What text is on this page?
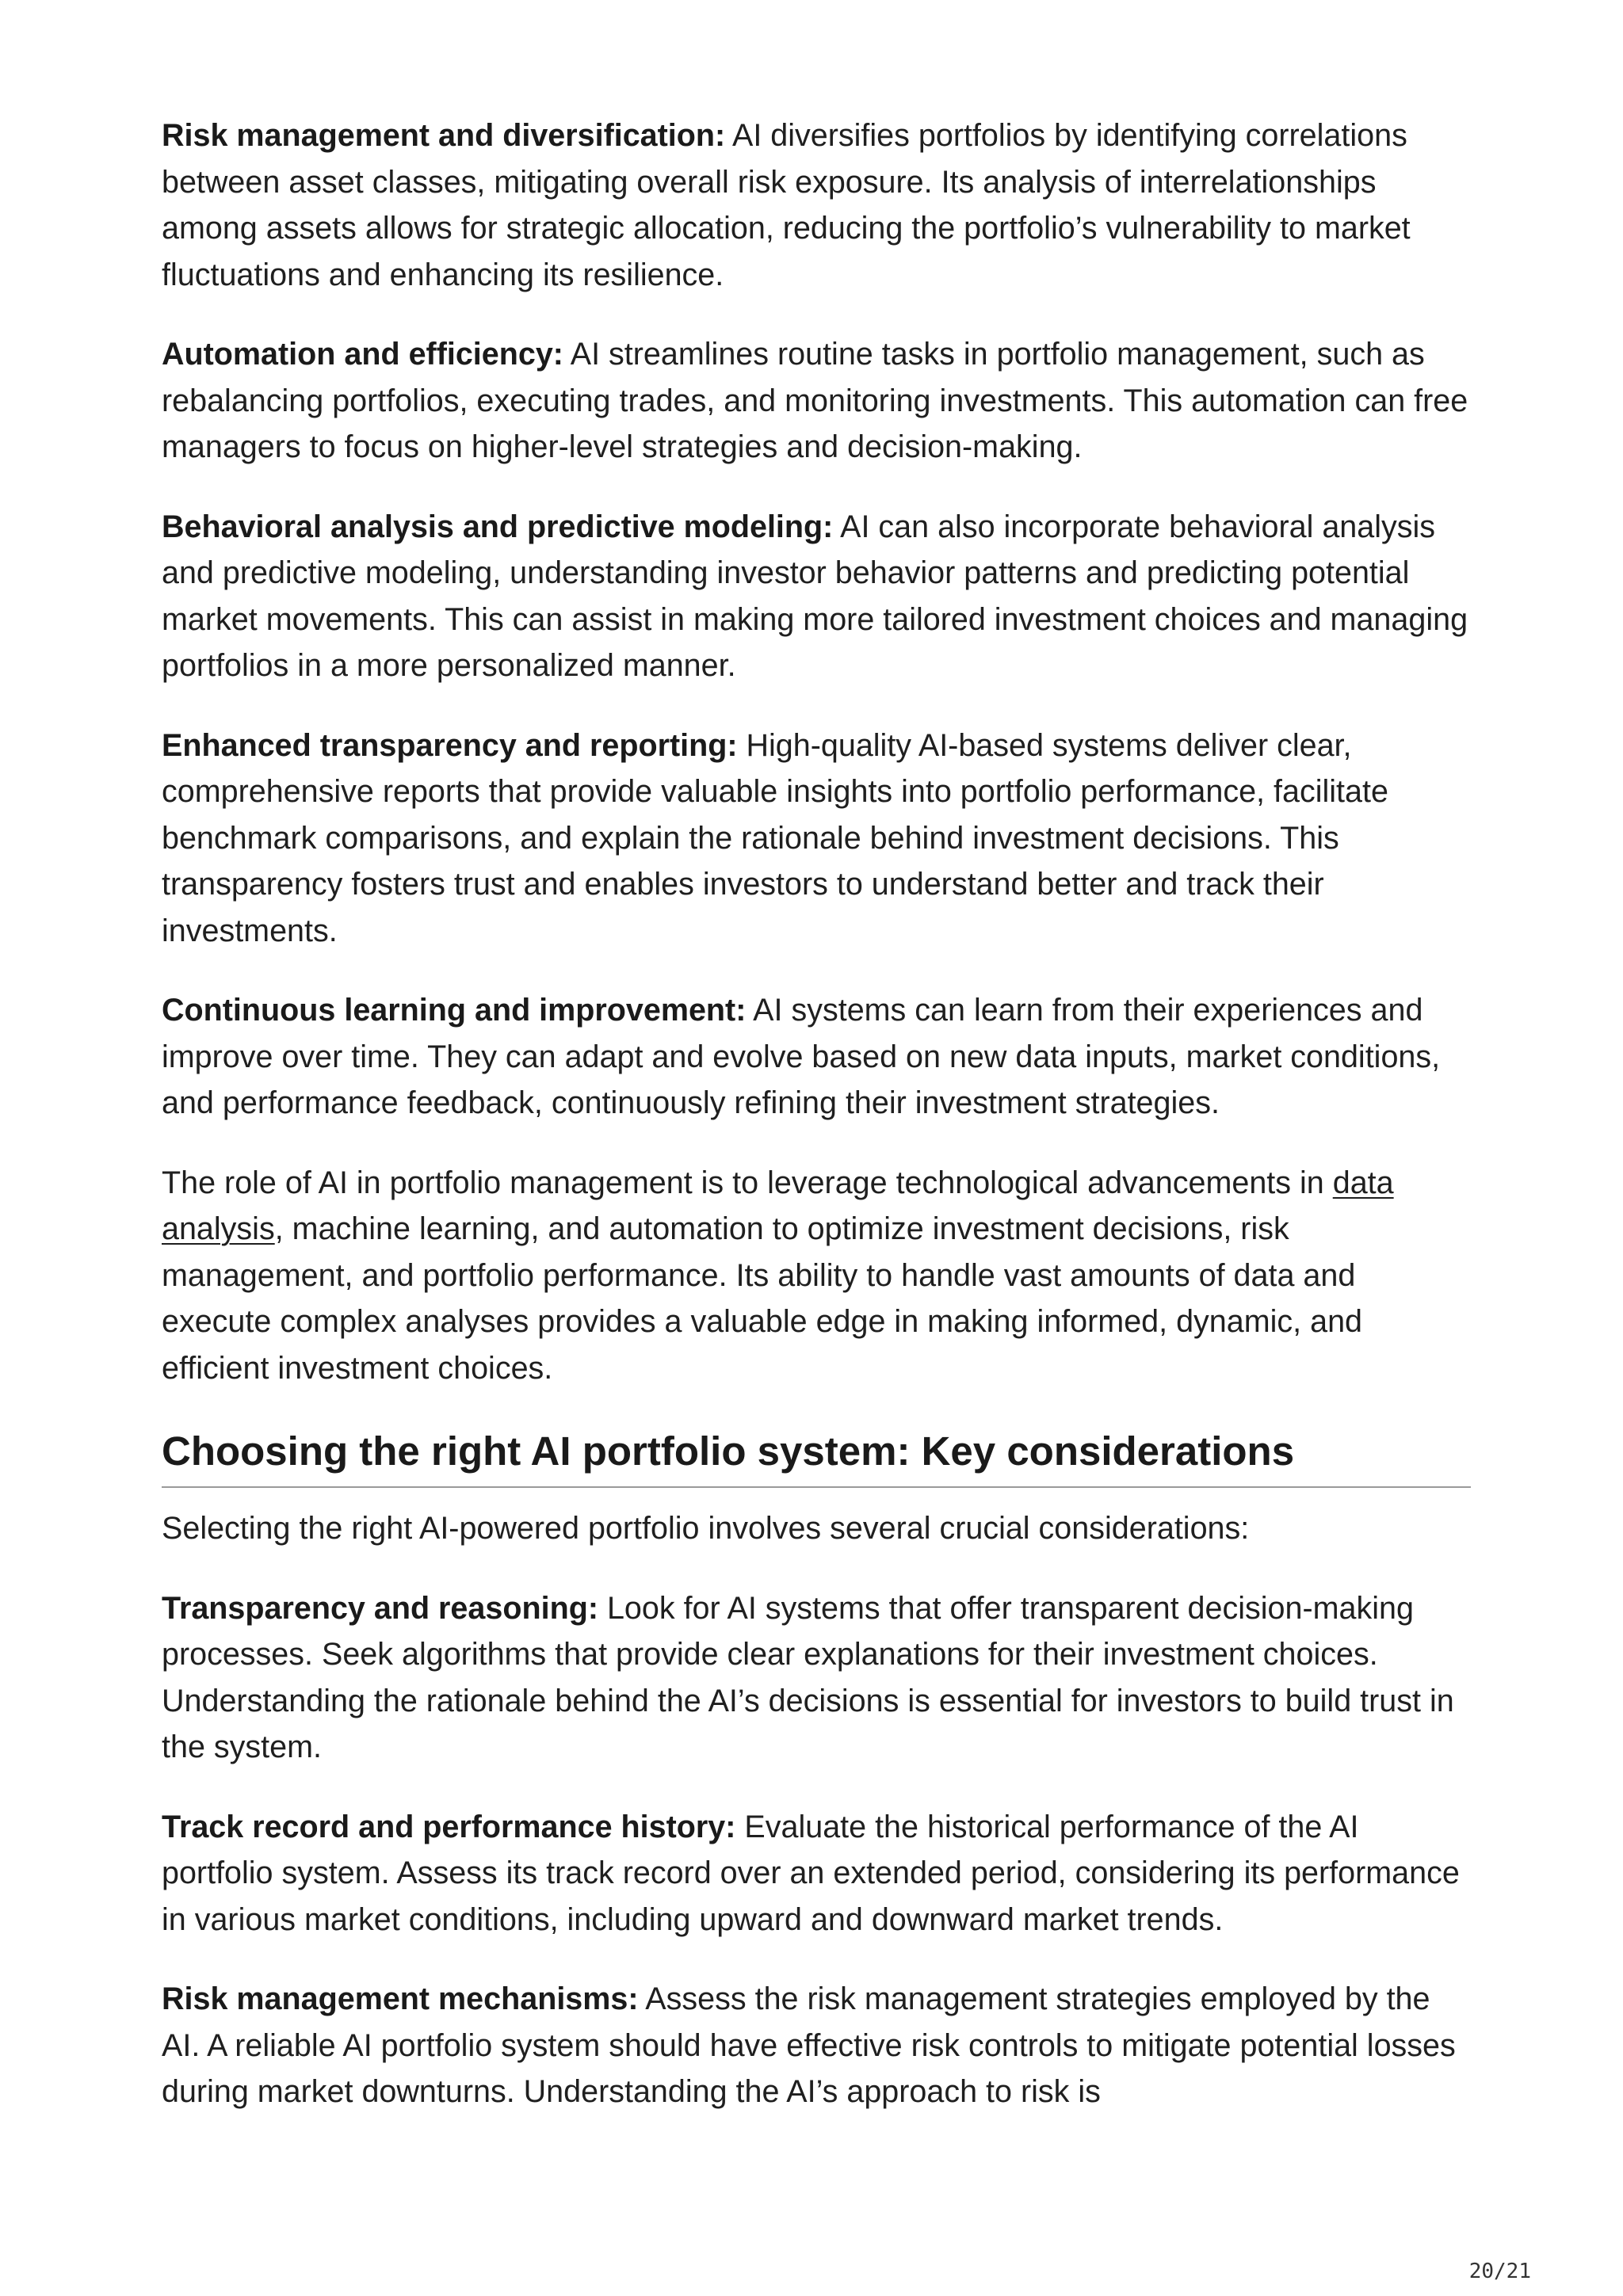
Risk management and diversification: AI diversifies portfolios by identifying correlations between asset classes, mitigating overall risk exposure. Its analysis of interrelationships among assets allows for strategic allocation, reducing the portfolio’s vulnerability to market fluctuations and enhancing its resilience.

Automation and efficiency: AI streamlines routine tasks in portfolio management, such as rebalancing portfolios, executing trades, and monitoring investments. This automation can free managers to focus on higher-level strategies and decision-making.

Behavioral analysis and predictive modeling: AI can also incorporate behavioral analysis and predictive modeling, understanding investor behavior patterns and predicting potential market movements. This can assist in making more tailored investment choices and managing portfolios in a more personalized manner.

Enhanced transparency and reporting: High-quality AI-based systems deliver clear, comprehensive reports that provide valuable insights into portfolio performance, facilitate benchmark comparisons, and explain the rationale behind investment decisions. This transparency fosters trust and enables investors to understand better and track their investments.

Continuous learning and improvement: AI systems can learn from their experiences and improve over time. They can adapt and evolve based on new data inputs, market conditions, and performance feedback, continuously refining their investment strategies.

The role of AI in portfolio management is to leverage technological advancements in data analysis, machine learning, and automation to optimize investment decisions, risk management, and portfolio performance. Its ability to handle vast amounts of data and execute complex analyses provides a valuable edge in making informed, dynamic, and efficient investment choices.

Choosing the right AI portfolio system: Key considerations

Selecting the right AI-powered portfolio involves several crucial considerations:

Transparency and reasoning: Look for AI systems that offer transparent decision-making processes. Seek algorithms that provide clear explanations for their investment choices. Understanding the rationale behind the AI’s decisions is essential for investors to build trust in the system.

Track record and performance history: Evaluate the historical performance of the AI portfolio system. Assess its track record over an extended period, considering its performance in various market conditions, including upward and downward market trends.

Risk management mechanisms: Assess the risk management strategies employed by the AI. A reliable AI portfolio system should have effective risk controls to mitigate potential losses during market downturns. Understanding the AI’s approach to risk is

20/21
